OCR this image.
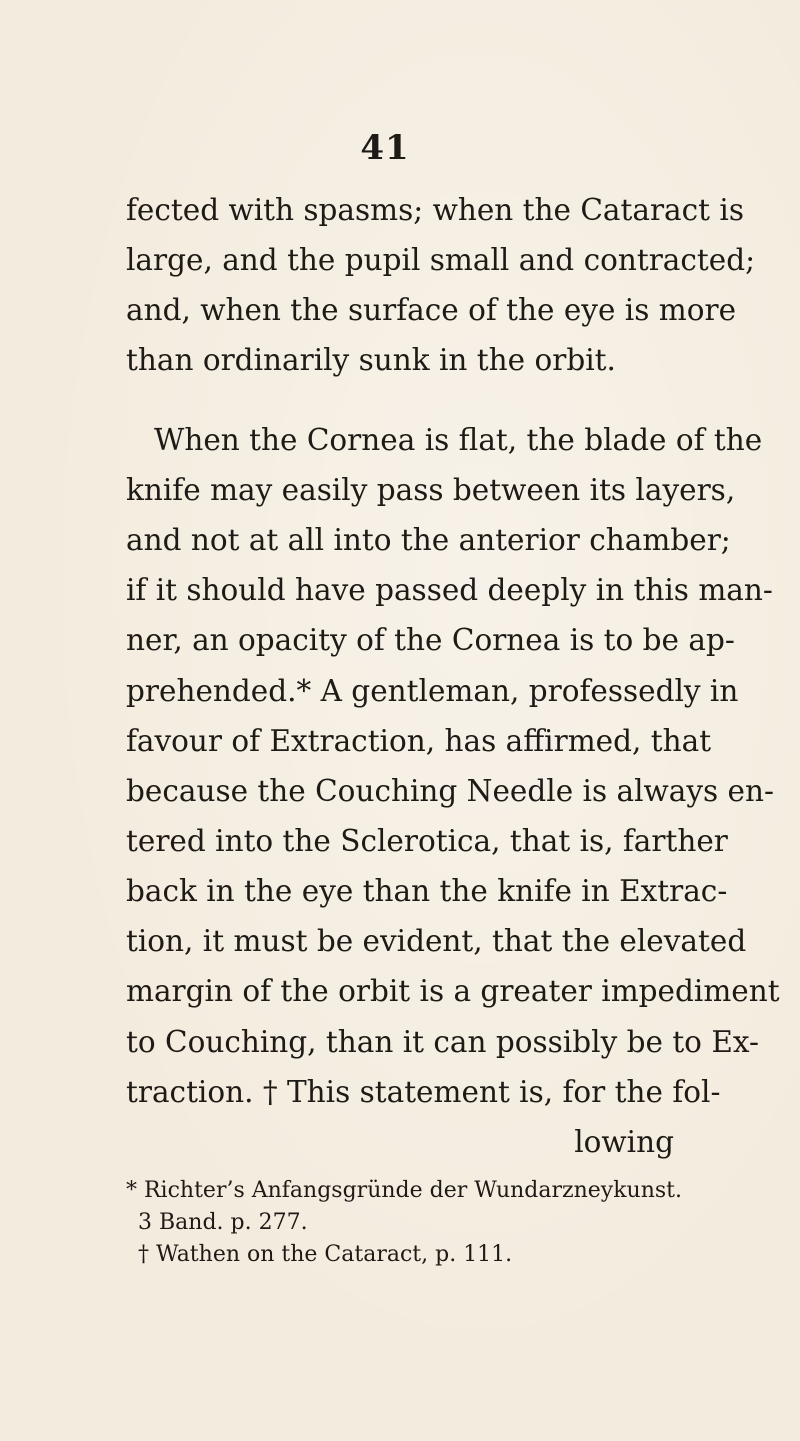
41
fected with spasms; when the Cataract is
large, and the pupil small and contracted;
and, when the surface of the eye is more
than ordinarily sunk in the orbit.
When the Cornea is flat, the blade of the
knife may easily pass between its layers,
and not at all into the anterior chamber;
if it should have passed deeply in this man-
ner, an opacity of the Cornea is to be ap-
prehended.* A gentleman, professedly in
favour of Extraction, has affirmed, that
because the Couching Needle is always en-
tered into the Sclerotica, that is, farther
back in the eye than the knife in Extrac-
tion, it must be evident, that the elevated
margin of the orbit is a greater impediment
to Couching, than it can possibly be to Ex-
traction. † This statement is, for the fol-
lowing
* Richter’s Anfangsgründe der Wundarzneykunst.
3 Band. p. 277.
† Wathen on the Cataract, p. 111.
